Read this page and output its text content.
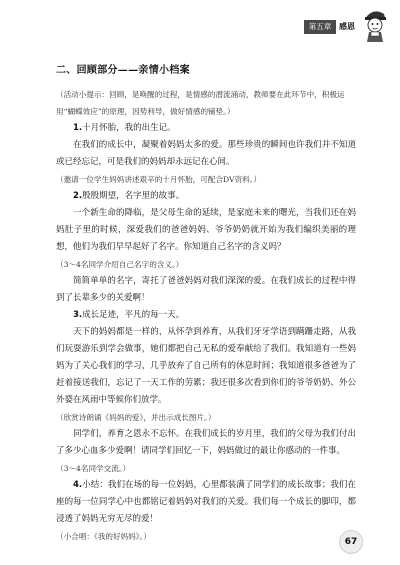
第五章 感恩
二、回顾部分——亲情小档案

（活动小提示：回顾，是唤醒的过程，是情感的潜流涌动，教师要在此环节中，积极运用“蝴蝶效应”的原理，因势利导，做好情感的铺垫。）

1.十月怀胎，我的出生记。

在我们的成长中，凝聚着妈妈太多的爱。那些珍贵的瞬间也许我们并不知道或已经忘记，可是我们的妈妈却永远记在心间。

（邀请一位学生妈妈讲述艰辛的十月怀胎，可配合DV资料。）

2.殷殷期望，名字里的故事。

一个新生命的降临，是父母生命的延续，是家庭未来的曙光，当我们还在妈妈肚子里的时候，深爱我们的爸爸妈妈、爷爷奶奶就开始为我们编织美丽的理想，他们为我们早早起好了名字。你知道自己名字的含义吗？

（3～4名同学介绍自己名字的含义。）

简简单单的名字，寄托了爸爸妈妈对我们深深的爱。在我们成长的过程中得到了长辈多少的关爱啊！

3.成长足迹，平凡的每一天。

天下的妈妈都是一样的，从怀孕到养育，从我们牙牙学语到蹒跚走路，从我们玩耍游乐到学会做事，她们都把自己无私的爱奉献给了我们。我知道有一些妈妈为了关心我们的学习，几乎放弃了自己所有的休息时间；我知道很多爸爸为了赶着接送我们，忘记了一天工作的劳累；我还很多次看到你们的爷爷奶奶、外公外婆在风雨中等候你们放学。

（欣赏诗朗诵《妈妈的爱》，并出示成长图片。）

同学们，养育之恩永不忘怀。在我们成长的岁月里，我们的父母为我们付出了多少心血多少爱啊！请同学们回忆一下，妈妈做过的最让你感动的一件事。

（3～4名同学交流。）

4.小结：我们在场的每一位妈妈，心里都装满了同学们的成长故事；我们在座的每一位同学心中也都铭记着妈妈对我们的关爱。我们每一个成长的脚印，都浸透了妈妈无穷无尽的爱！

（小合唱：《我的好妈妈》。）

67
